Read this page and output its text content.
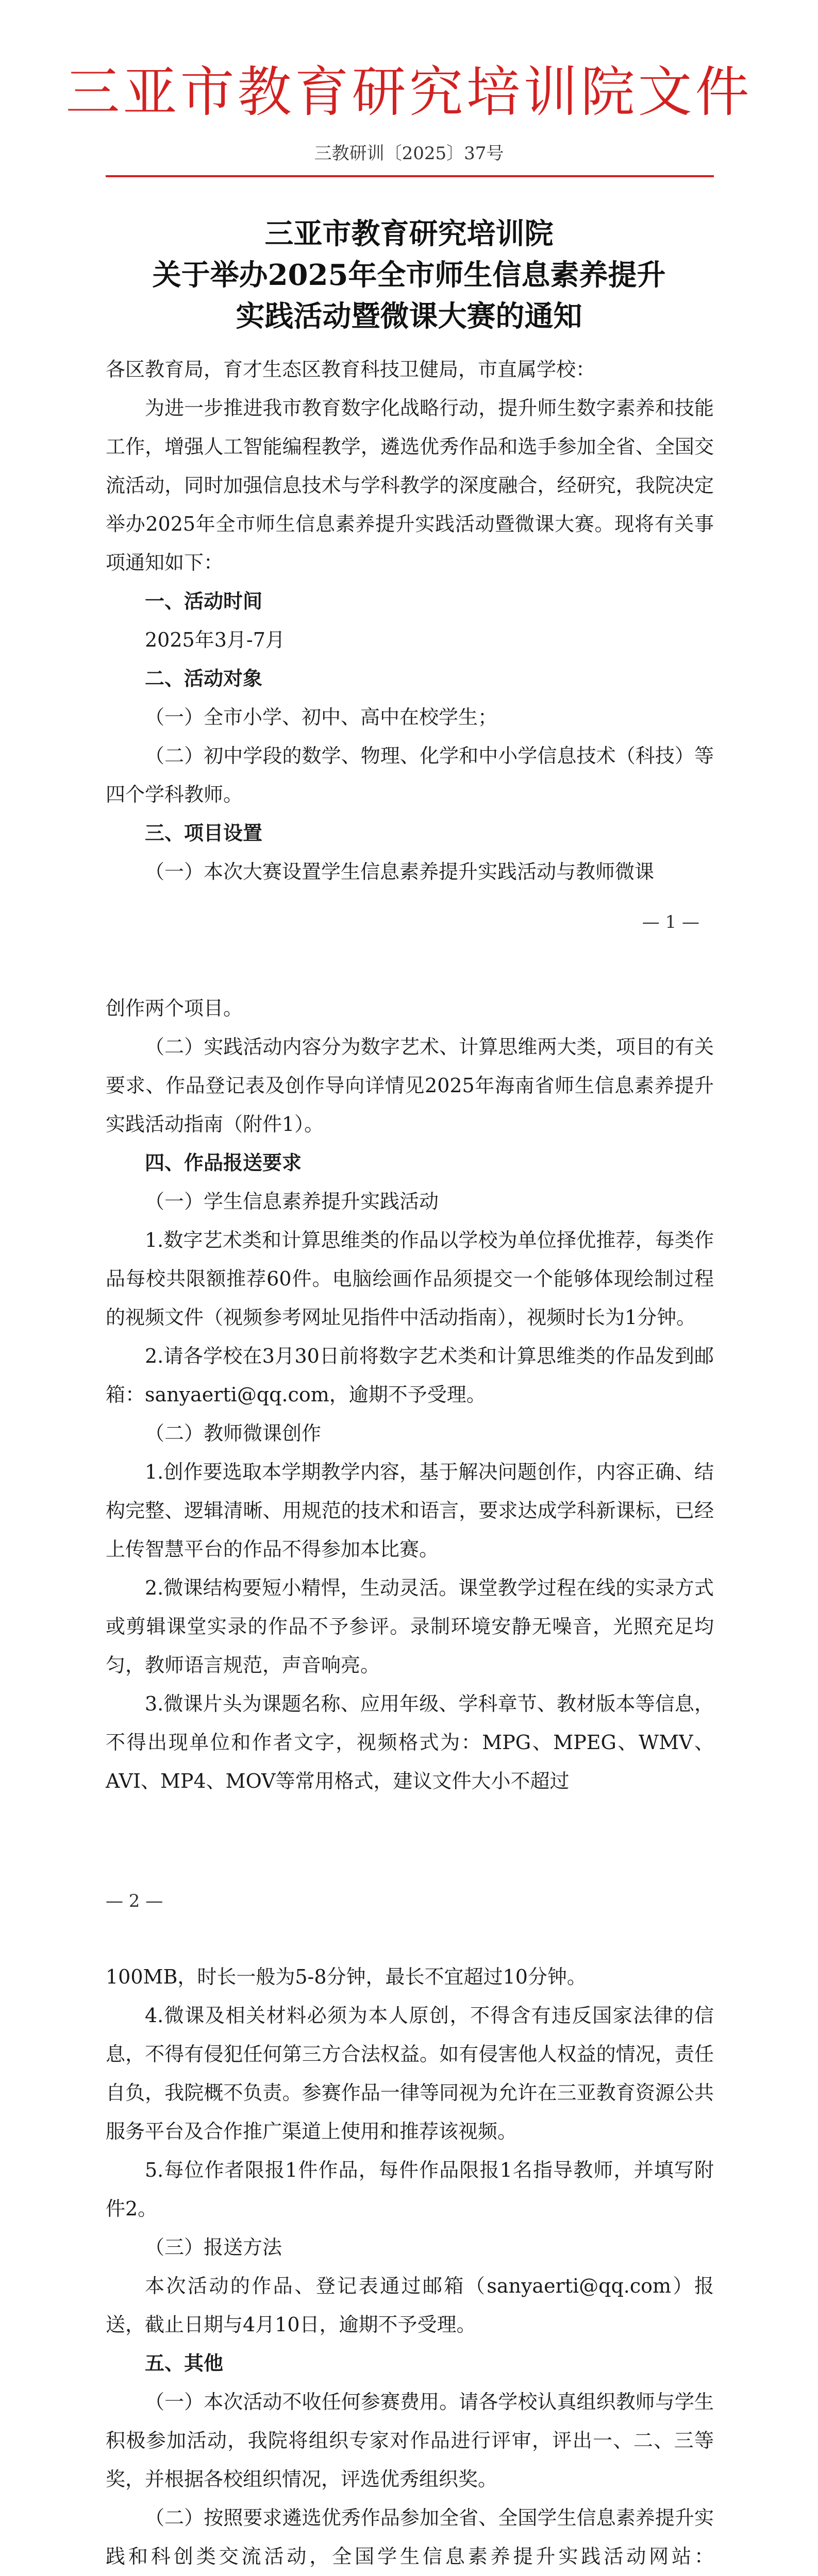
三亚市教育研究培训院文件
三教研训〔2025〕37号
三亚市教育研究培训院
关于举办2025年全市师生信息素养提升
实践活动暨微课大赛的通知

各区教育局，育才生态区教育科技卫健局，市直属学校：

为进一步推进我市教育数字化战略行动，提升师生数字素养和技能工作，增强人工智能编程教学，遴选优秀作品和选手参加全省、全国交流活动，同时加强信息技术与学科教学的深度融合，经研究，我院决定举办2025年全市师生信息素养提升实践活动暨微课大赛。现将有关事项通知如下：

一、活动时间

2025年3月-7月

二、活动对象

（一）全市小学、初中、高中在校学生；

（二）初中学段的数学、物理、化学和中小学信息技术（科技）等四个学科教师。

三、项目设置

（一）本次大赛设置学生信息素养提升实践活动与教师微课

— 1 —

创作两个项目。

（二）实践活动内容分为数字艺术、计算思维两大类，项目的有关要求、作品登记表及创作导向详情见2025年海南省师生信息素养提升实践活动指南（附件1）。

四、作品报送要求

（一）学生信息素养提升实践活动

1.数字艺术类和计算思维类的作品以学校为单位择优推荐，每类作品每校共限额推荐60件。电脑绘画作品须提交一个能够体现绘制过程的视频文件（视频参考网址见指件中活动指南），视频时长为1分钟。

2.请各学校在3月30日前将数字艺术类和计算思维类的作品发到邮箱：sanyaerti@qq.com，逾期不予受理。

（二）教师微课创作

1.创作要选取本学期教学内容，基于解决问题创作，内容正确、结构完整、逻辑清晰、用规范的技术和语言，要求达成学科新课标，已经上传智慧平台的作品不得参加本比赛。

2.微课结构要短小精悍，生动灵活。课堂教学过程在线的实录方式或剪辑课堂实录的作品不予参评。录制环境安静无噪音，光照充足均匀，教师语言规范，声音响亮。

3.微课片头为课题名称、应用年级、学科章节、教材版本等信息，不得出现单位和作者文字，视频格式为：MPG、MPEG、WMV、AVI、MP4、MOV等常用格式，建议文件大小不超过

— 2 —

100MB，时长一般为5-8分钟，最长不宜超过10分钟。

4.微课及相关材料必须为本人原创，不得含有违反国家法律的信息，不得有侵犯任何第三方合法权益。如有侵害他人权益的情况，责任自负，我院概不负责。参赛作品一律等同视为允许在三亚教育资源公共服务平台及合作推广渠道上使用和推荐该视频。

5.每位作者限报1件作品，每件作品限报1名指导教师，并填写附件2。

（三）报送方法

本次活动的作品、登记表通过邮箱（sanyaerti@qq.com）报送，截止日期与4月10日，逾期不予受理。

五、其他

（一）本次活动不收任何参赛费用。请各学校认真组织教师与学生积极参加活动，我院将组织专家对作品进行评审，评出一、二、三等奖，并根据各校组织情况，评选优秀组织奖。

（二）按照要求遴选优秀作品参加全省、全国学生信息素养提升实践和科创类交流活动，全国学生信息素养提升实践活动网站：
